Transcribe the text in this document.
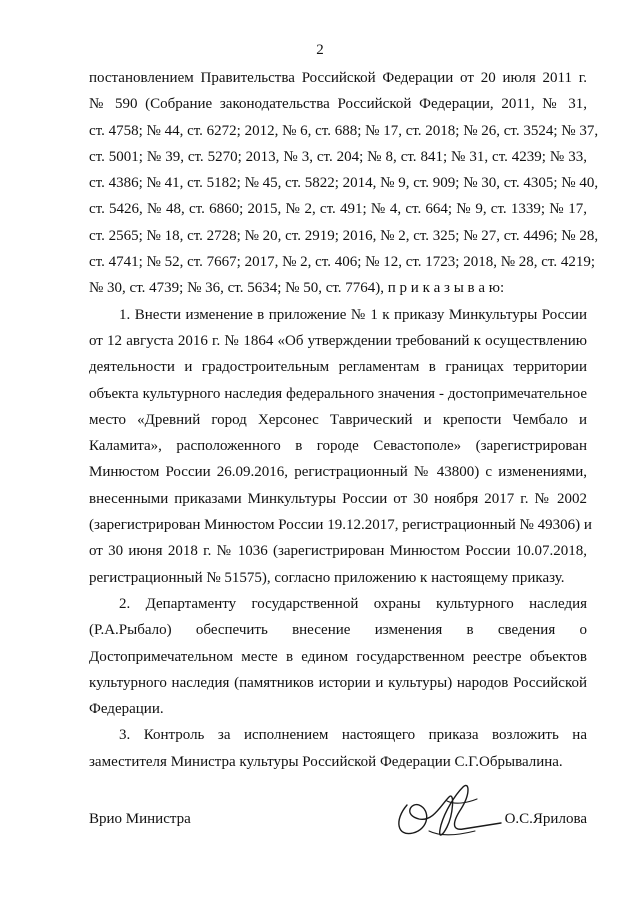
2
постановлением Правительства Российской Федерации от 20 июля 2011 г.
№ 590 (Собрание законодательства Российской Федерации, 2011, № 31,
ст. 4758; № 44, ст. 6272; 2012, № 6, ст. 688; № 17, ст. 2018; № 26, ст. 3524; № 37,
ст. 5001; № 39, ст. 5270; 2013, № 3, ст. 204; № 8, ст. 841; № 31, ст. 4239; № 33,
ст. 4386; № 41, ст. 5182; № 45, ст. 5822; 2014, № 9, ст. 909; № 30, ст. 4305; № 40,
ст. 5426, № 48, ст. 6860; 2015, № 2, ст. 491; № 4, ст. 664; № 9, ст. 1339; № 17,
ст. 2565; № 18, ст. 2728; № 20, ст. 2919; 2016, № 2, ст. 325; № 27, ст. 4496; № 28,
ст. 4741; № 52, ст. 7667; 2017, № 2, ст. 406; № 12, ст. 1723; 2018, № 28, ст. 4219;
№ 30, ст. 4739; № 36, ст. 5634; № 50, ст. 7764), п р и к а з ы в а ю:
1. Внести изменение в приложение № 1 к приказу Минкультуры России
от 12 августа 2016 г. № 1864 «Об утверждении требований к осуществлению
деятельности и градостроительным регламентам в границах территории
объекта культурного наследия федерального значения - достопримечательное
место «Древний город Херсонес Таврический и крепости Чембало и
Каламита», расположенного в городе Севастополе» (зарегистрирован
Минюстом России 26.09.2016, регистрационный № 43800) с изменениями,
внесенными приказами Минкультуры России от 30 ноября 2017 г. № 2002
(зарегистрирован Минюстом России 19.12.2017, регистрационный № 49306) и
от 30 июня 2018 г. № 1036 (зарегистрирован Минюстом России 10.07.2018,
регистрационный № 51575), согласно приложению к настоящему приказу.
2. Департаменту государственной охраны культурного наследия
(Р.А.Рыбало) обеспечить внесение изменения в сведения о
Достопримечательном месте в едином государственном реестре объектов
культурного наследия (памятников истории и культуры) народов Российской
Федерации.
3. Контроль за исполнением настоящего приказа возложить на
заместителя Министра культуры Российской Федерации С.Г.Обрывалина.
Врио Министра	О.С.Ярилова
